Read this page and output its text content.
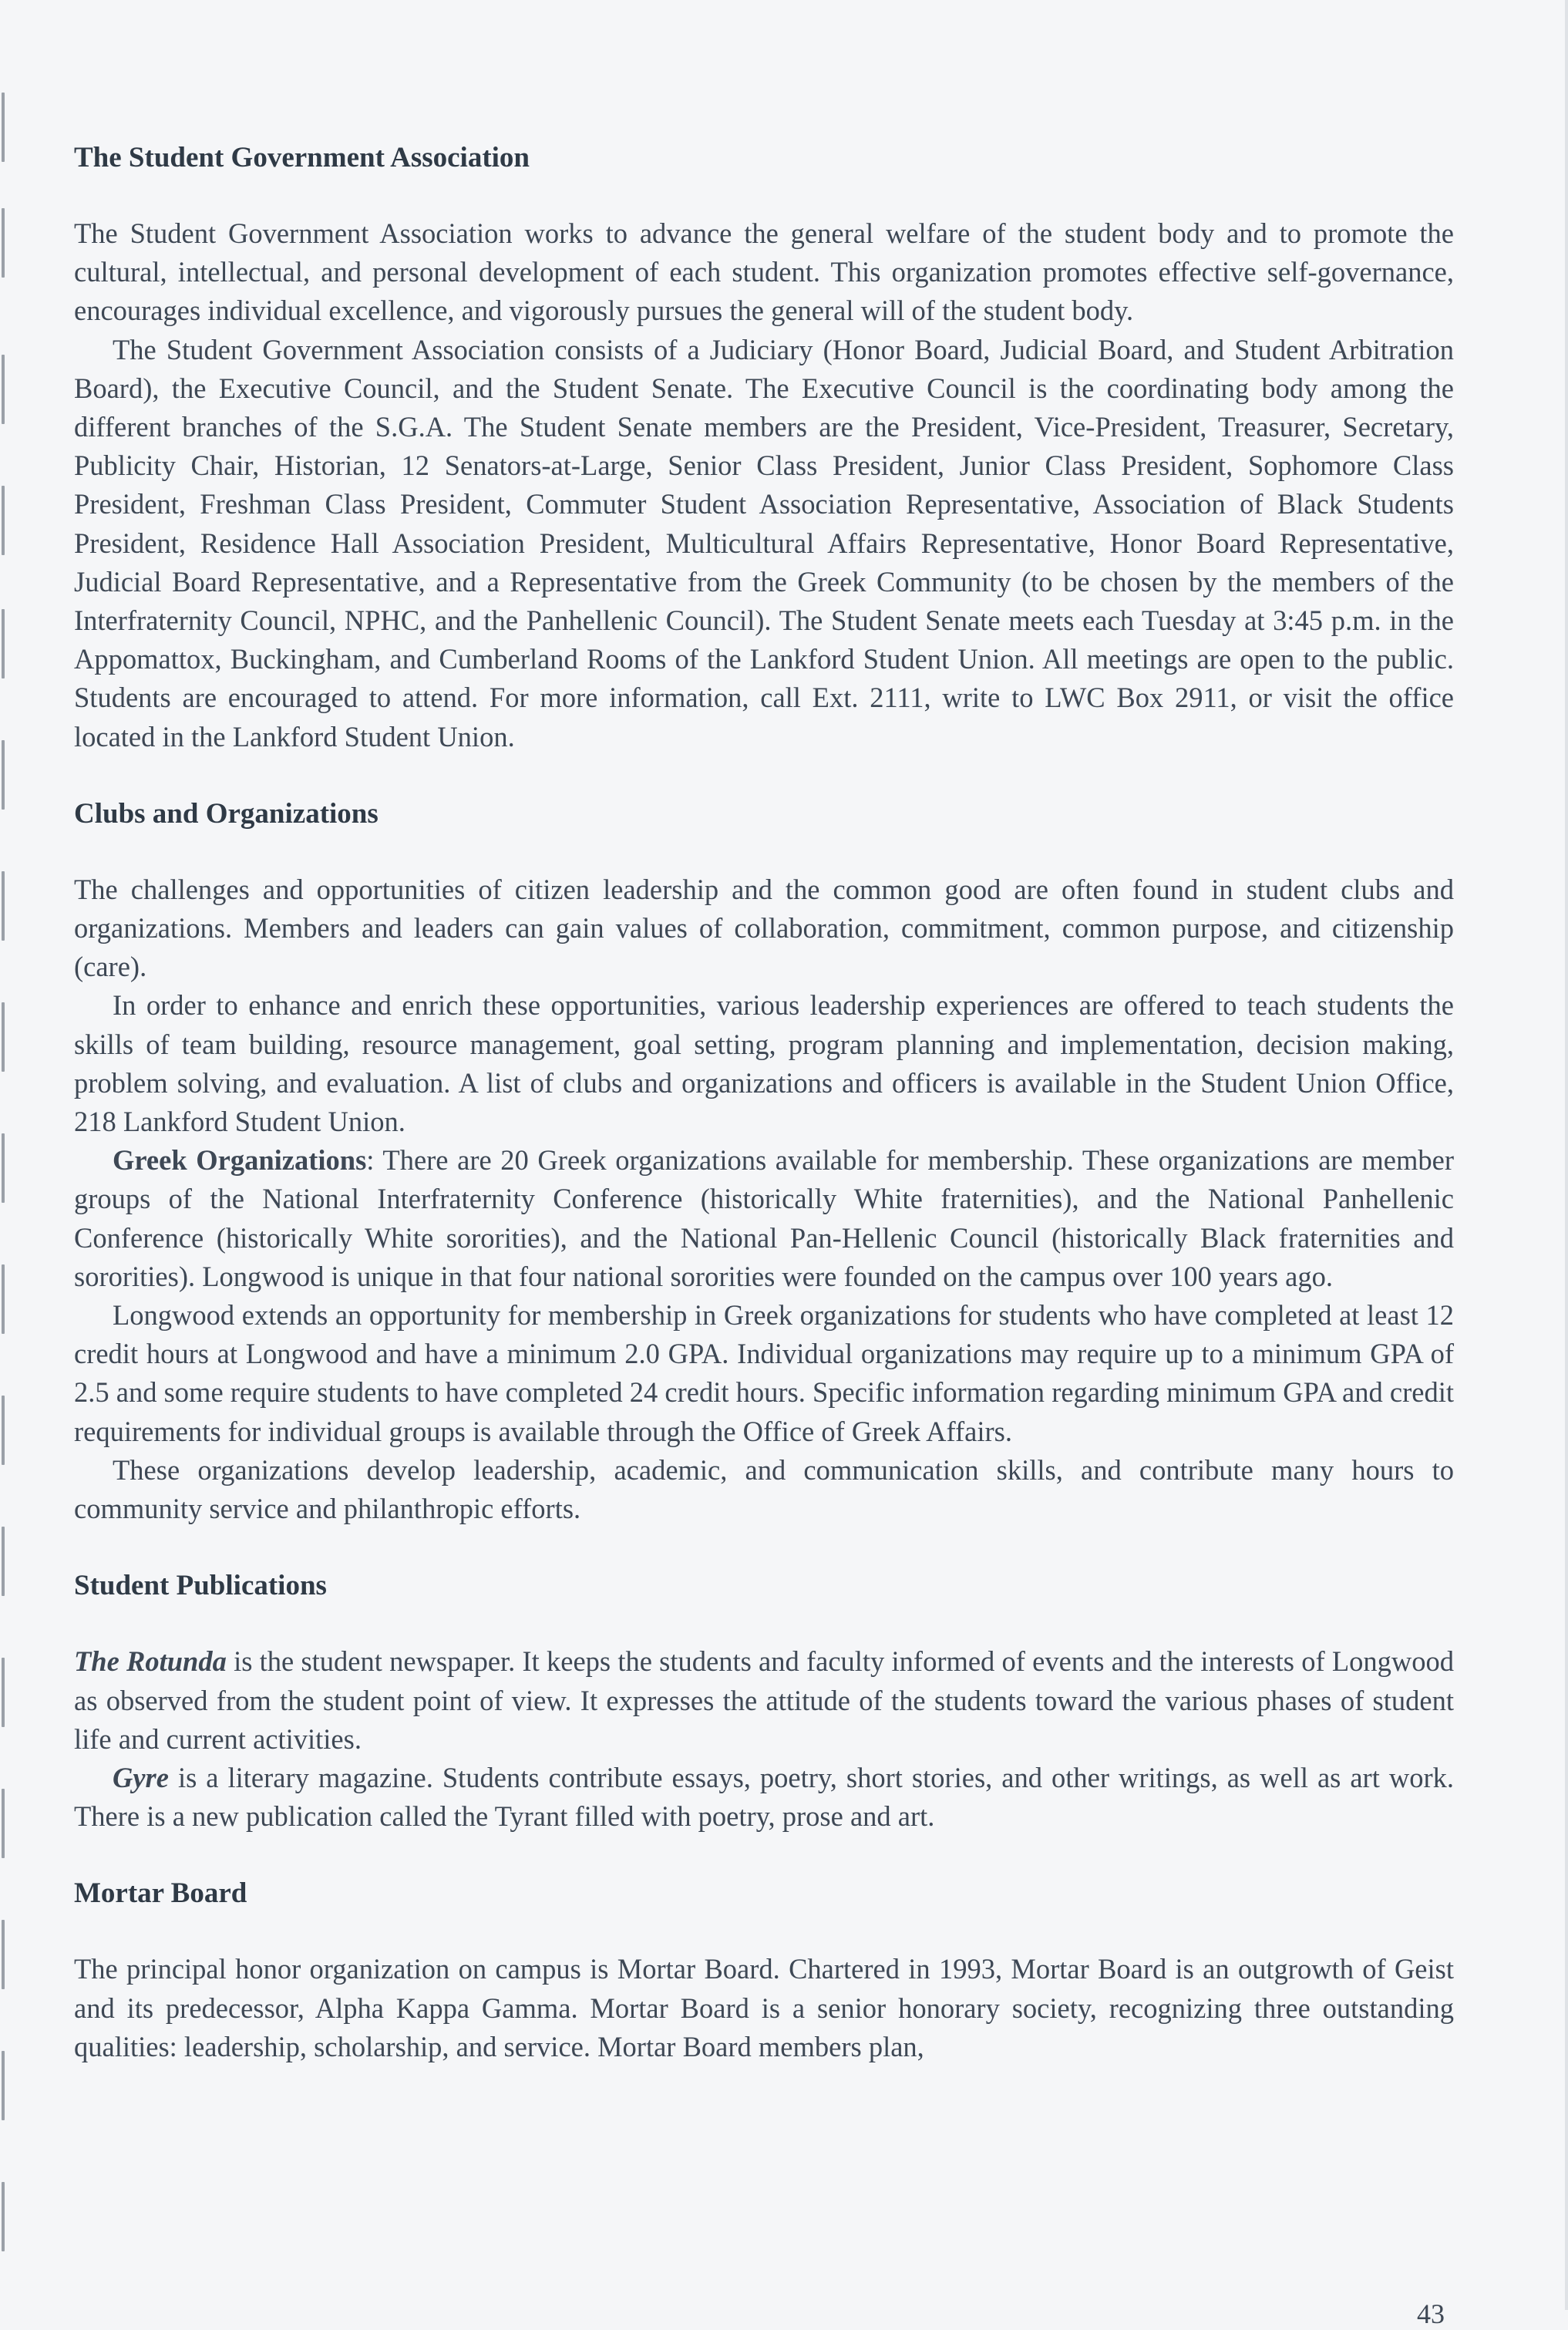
The Student Government Association

The Student Government Association works to advance the general welfare of the student body and to promote the cultural, intellectual, and personal development of each student. This organization promotes effective self-governance, encourages individual excellence, and vigorously pursues the general will of the student body.

The Student Government Association consists of a Judiciary (Honor Board, Judicial Board, and Student Arbitration Board), the Executive Council, and the Student Senate. The Executive Council is the coordinating body among the different branches of the S.G.A. The Student Senate members are the President, Vice-President, Treasurer, Secretary, Publicity Chair, Historian, 12 Senators-at-Large, Senior Class President, Junior Class President, Sophomore Class President, Freshman Class President, Commuter Student Association Representative, Association of Black Students President, Residence Hall Association President, Multicultural Affairs Representative, Honor Board Representative, Judicial Board Representative, and a Representative from the Greek Community (to be chosen by the members of the Interfraternity Council, NPHC, and the Panhellenic Council). The Student Senate meets each Tuesday at 3:45 p.m. in the Appomattox, Buckingham, and Cumberland Rooms of the Lankford Student Union. All meetings are open to the public. Students are encouraged to attend. For more information, call Ext. 2111, write to LWC Box 2911, or visit the office located in the Lankford Student Union.

Clubs and Organizations

The challenges and opportunities of citizen leadership and the common good are often found in student clubs and organizations. Members and leaders can gain values of collaboration, commitment, common purpose, and citizenship (care).

In order to enhance and enrich these opportunities, various leadership experiences are offered to teach students the skills of team building, resource management, goal setting, program planning and implementation, decision making, problem solving, and evaluation. A list of clubs and organizations and officers is available in the Student Union Office, 218 Lankford Student Union.

Greek Organizations: There are 20 Greek organizations available for membership. These organizations are member groups of the National Interfraternity Conference (historically White fraternities), and the National Panhellenic Conference (historically White sororities), and the National Pan-Hellenic Council (historically Black fraternities and sororities). Longwood is unique in that four national sororities were founded on the campus over 100 years ago.

Longwood extends an opportunity for membership in Greek organizations for students who have completed at least 12 credit hours at Longwood and have a minimum 2.0 GPA. Individual organizations may require up to a minimum GPA of 2.5 and some require students to have completed 24 credit hours. Specific information regarding minimum GPA and credit requirements for individual groups is available through the Office of Greek Affairs.

These organizations develop leadership, academic, and communication skills, and contribute many hours to community service and philanthropic efforts.

Student Publications

The Rotunda is the student newspaper. It keeps the students and faculty informed of events and the interests of Longwood as observed from the student point of view. It expresses the attitude of the students toward the various phases of student life and current activities.

Gyre is a literary magazine. Students contribute essays, poetry, short stories, and other writings, as well as art work. There is a new publication called the Tyrant filled with poetry, prose and art.

Mortar Board

The principal honor organization on campus is Mortar Board. Chartered in 1993, Mortar Board is an outgrowth of Geist and its predecessor, Alpha Kappa Gamma. Mortar Board is a senior honorary society, recognizing three outstanding qualities: leadership, scholarship, and service. Mortar Board members plan,

43
